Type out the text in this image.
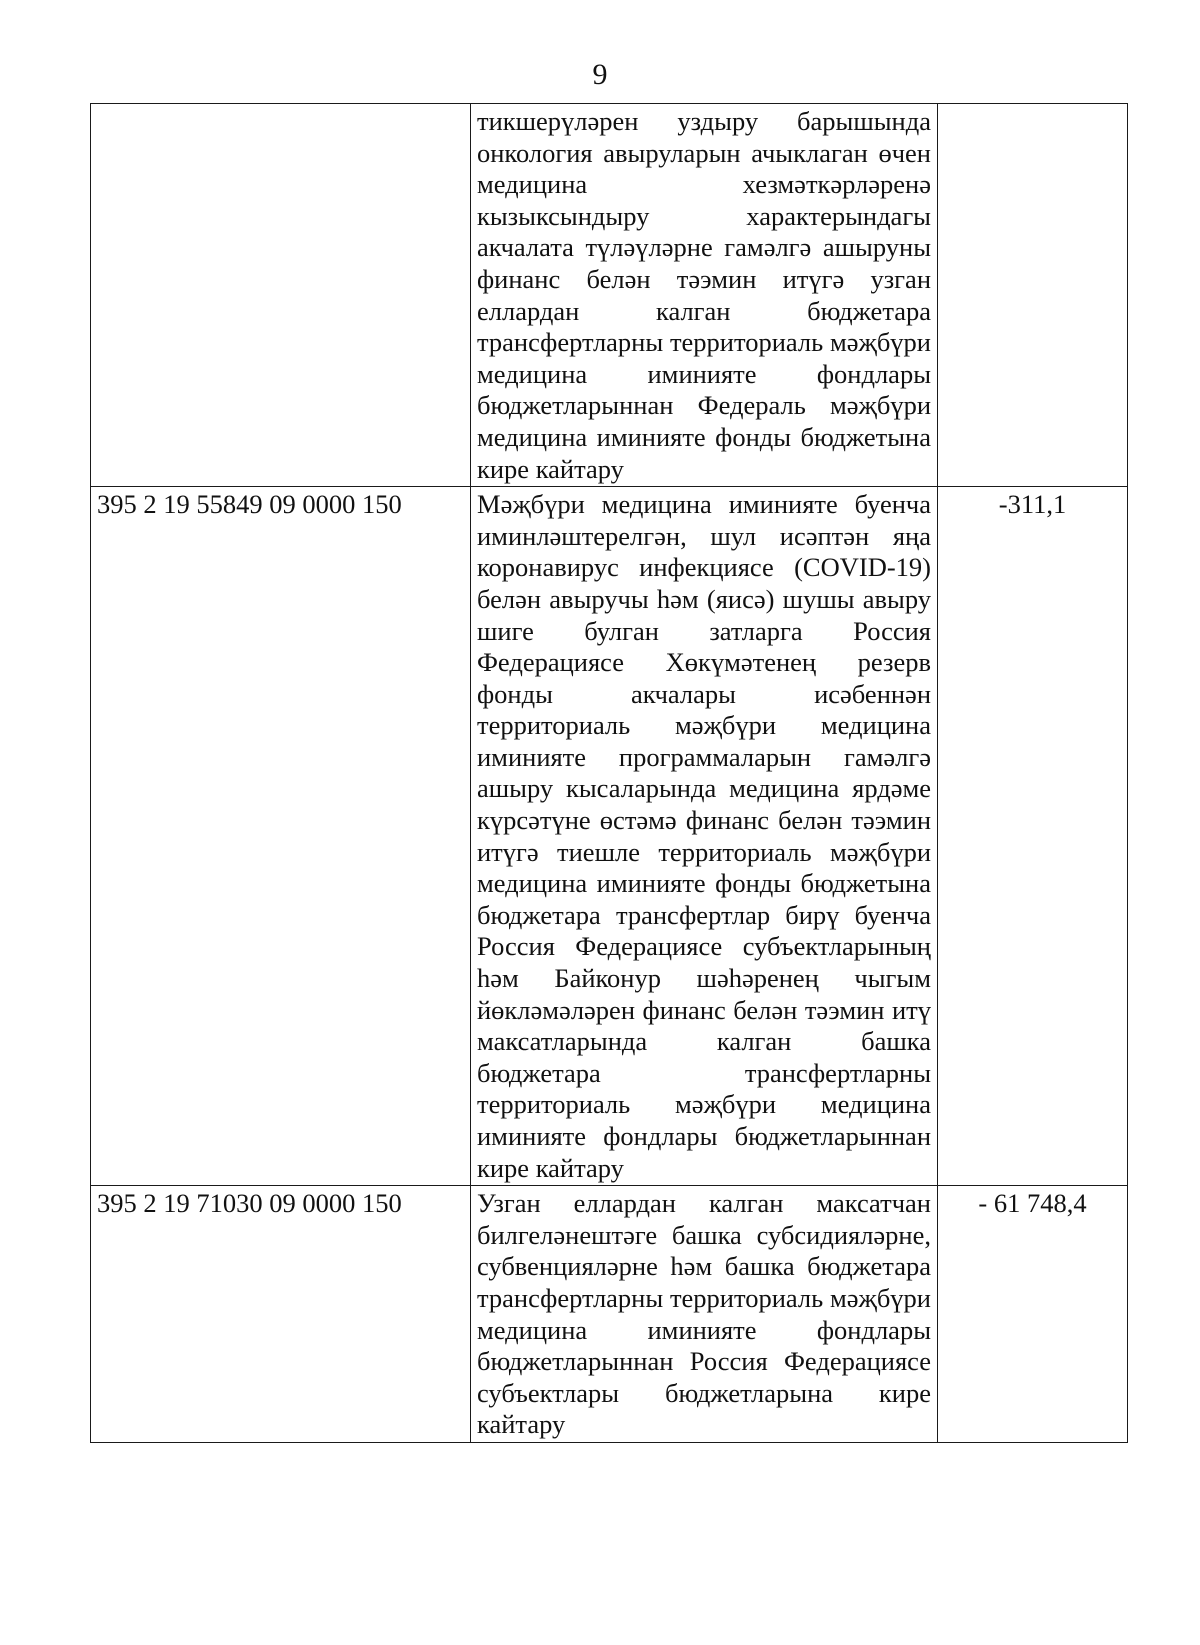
9
	тикшерүләрен уздыру барышында онкология авыруларын ачыклаган өчен медицина хезмәткәрләренә кызыксындыру характерындагы акчалата түләүләрне гамәлгә ашыруны финанс белән тәэмин итүгә узган еллардан калган бюджетара трансфертларны территориаль мәҗбүри медицина иминияте фондлары бюджетларыннан Федераль мәҗбүри медицина иминияте фонды бюджетына кире кайтару	
395 2 19 55849 09 0000 150	Мәҗбүри медицина иминияте буенча иминләштерелгән, шул исәптән яңа коронавирус инфекциясе (COVID-19) белән авыручы һәм (яисә) шушы авыру шиге булган затларга Россия Федерациясе Хөкүмәтенең резерв фонды акчалары исәбеннән территориаль мәҗбүри медицина иминияте программаларын гамәлгә ашыру кысаларында медицина ярдәме күрсәтүне өстәмә финанс белән тәэмин итүгә тиешле территориаль мәҗбүри медицина иминияте фонды бюджетына бюджетара трансфертлар бирү буенча Россия Федерациясе субъектларының һәм Байконур шәһәренең чыгым йөкләмәләрен финанс белән тәэмин итү максатларында калган башка бюджетара трансфертларны территориаль мәҗбүри медицина иминияте фондлары бюджетларыннан кире кайтару	-311,1
395 2 19 71030 09 0000 150	Узган еллардан калган максатчан билгеләнештәге башка субсидияләрне, субвенцияләрне һәм башка бюджетара трансфертларны территориаль мәҗбүри медицина иминияте фондлары бюджетларыннан Россия Федерациясе субъектлары бюджетларына кире кайтару	- 61 748,4
